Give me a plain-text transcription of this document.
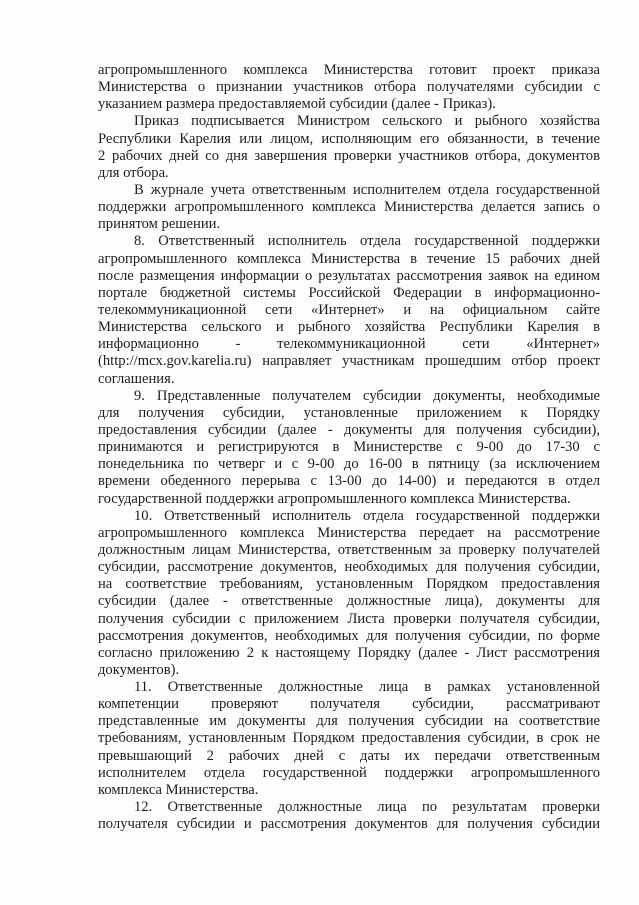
агропромышленного комплекса Министерства готовит проект приказа
Министерства о признании участников отбора получателями субсидии с
указанием размера предоставляемой субсидии (далее - Приказ).

Приказ подписывается Министром сельского и рыбного хозяйства
Республики Карелия или лицом, исполняющим его обязанности, в течение
2 рабочих дней со дня завершения проверки участников отбора, документов
для отбора.

В журнале учета ответственным исполнителем отдела государственной
поддержки агропромышленного комплекса Министерства делается запись о
принятом решении.

8. Ответственный исполнитель отдела государственной поддержки
агропромышленного комплекса Министерства в течение 15 рабочих дней
после размещения информации о результатах рассмотрения заявок на едином
портале бюджетной системы Российской Федерации в информационно-
телекоммуникационной сети «Интернет» и на официальном сайте
Министерства сельского и рыбного хозяйства Республики Карелия в
информационно - телекоммуникационной сети «Интернет»
(http://mcx.gov.karelia.ru) направляет участникам прошедшим отбор проект
соглашения.

9. Представленные получателем субсидии документы, необходимые
для получения субсидии, установленные приложением к Порядку
предоставления субсидии (далее - документы для получения субсидии),
принимаются и регистрируются в Министерстве с 9-00 до 17-30 с
понедельника по четверг и с 9-00 до 16-00 в пятницу (за исключением
времени обеденного перерыва с 13-00 до 14-00) и передаются в отдел
государственной поддержки агропромышленного комплекса Министерства.

10. Ответственный исполнитель отдела государственной поддержки
агропромышленного комплекса Министерства передает на рассмотрение
должностным лицам Министерства, ответственным за проверку получателей
субсидии, рассмотрение документов, необходимых для получения субсидии,
на соответствие требованиям, установленным Порядком предоставления
субсидии (далее - ответственные должностные лица), документы для
получения субсидии с приложением Листа проверки получателя субсидии,
рассмотрения документов, необходимых для получения субсидии, по форме
согласно приложению 2 к настоящему Порядку (далее - Лист рассмотрения
документов).

11. Ответственные должностные лица в рамках установленной
компетенции проверяют получателя субсидии, рассматривают
представленные им документы для получения субсидии на соответствие
требованиям, установленным Порядком предоставления субсидии, в срок не
превышающий 2 рабочих дней с даты их передачи ответственным
исполнителем отдела государственной поддержки агропромышленного
комплекса Министерства.

12. Ответственные должностные лица по результатам проверки
получателя субсидии и рассмотрения документов для получения субсидии
